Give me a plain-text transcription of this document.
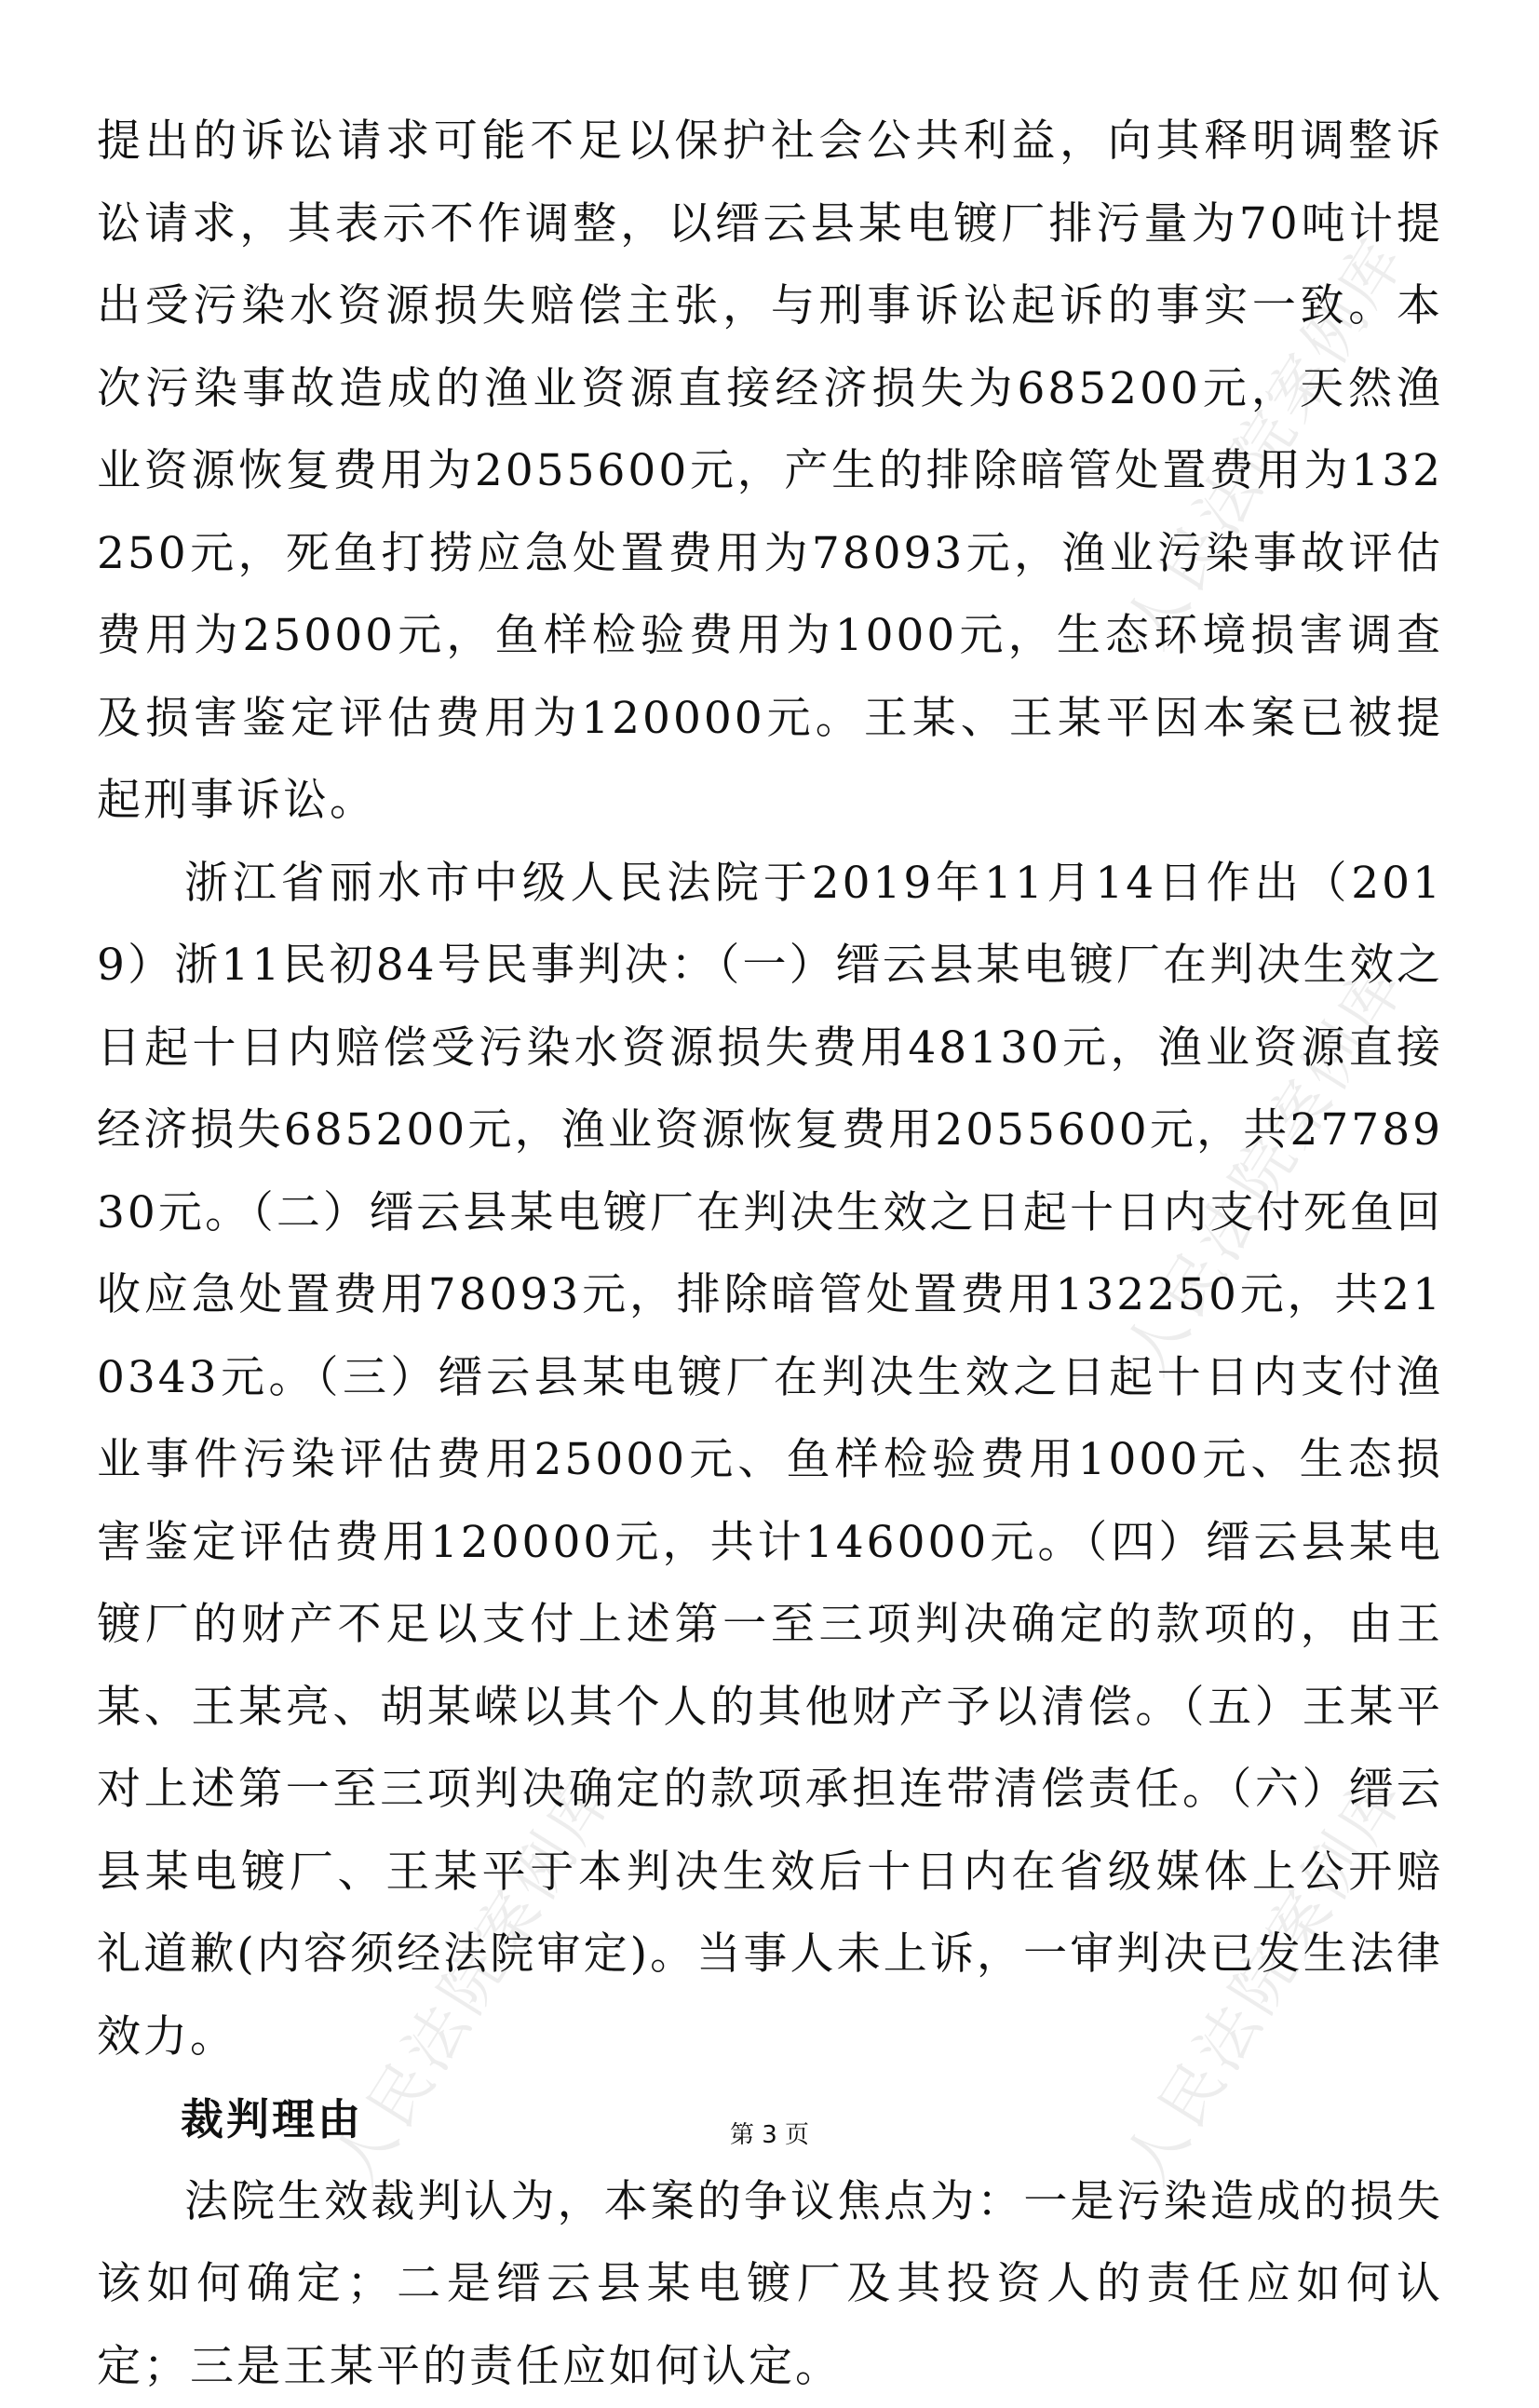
人民法院案例库
人民法院案例库
人民法院案例库	人民法院案例库

提出的诉讼请求可能不足以保护社会公共利益，向其释明调整诉讼请求，其表示不作调整，以缙云县某电镀厂排污量为70吨计提出受污染水资源损失赔偿主张，与刑事诉讼起诉的事实一致。本次污染事故造成的渔业资源直接经济损失为685200元，天然渔业资源恢复费用为2055600元，产生的排除暗管处置费用为132250元，死鱼打捞应急处置费用为78093元，渔业污染事故评估费用为25000元，鱼样检验费用为1000元，生态环境损害调查及损害鉴定评估费用为120000元。王某、王某平因本案已被提起刑事诉讼。

浙江省丽水市中级人民法院于2019年11月14日作出（2019）浙11民初84号民事判决：（一）缙云县某电镀厂在判决生效之日起十日内赔偿受污染水资源损失费用48130元，渔业资源直接经济损失685200元，渔业资源恢复费用2055600元，共2778930元。（二）缙云县某电镀厂在判决生效之日起十日内支付死鱼回收应急处置费用78093元，排除暗管处置费用132250元，共210343元。（三）缙云县某电镀厂在判决生效之日起十日内支付渔业事件污染评估费用25000元、鱼样检验费用1000元、生态损害鉴定评估费用120000元，共计146000元。（四）缙云县某电镀厂的财产不足以支付上述第一至三项判决确定的款项的，由王某、王某亮、胡某嵘以其个人的其他财产予以清偿。（五）王某平对上述第一至三项判决确定的款项承担连带清偿责任。（六）缙云县某电镀厂、王某平于本判决生效后十日内在省级媒体上公开赔礼道歉(内容须经法院审定)。当事人未上诉，一审判决已发生法律效力。

裁判理由

法院生效裁判认为，本案的争议焦点为：一是污染造成的损失该如何确定；二是缙云县某电镀厂及其投资人的责任应如何认定；三是王某平的责任应如何认定。

第 3 页
